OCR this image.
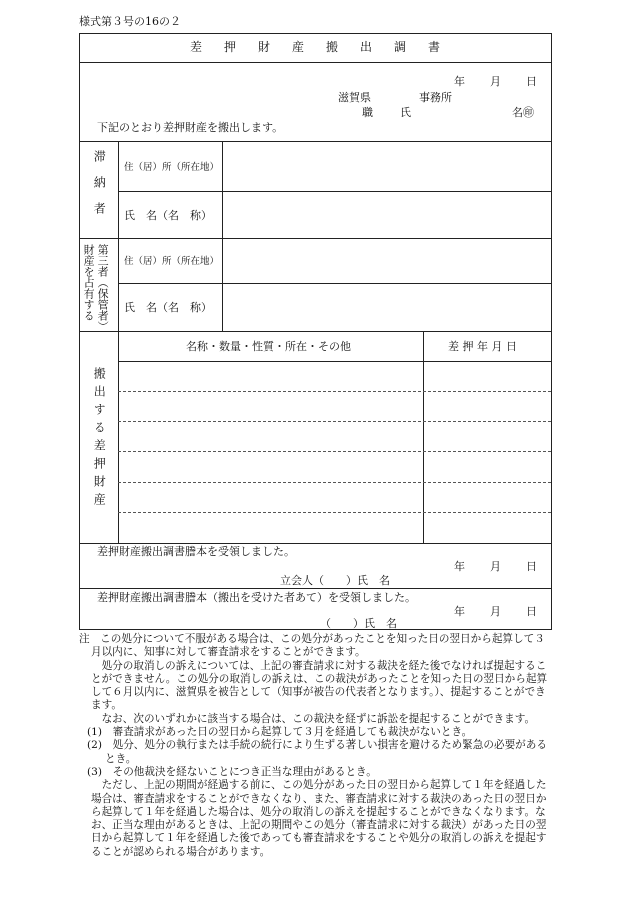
様式第３号の16の２
差押財産搬出調書
年 月 日
滋賀県	事務所
職 氏	名㊞
下記のとおり差押財産を搬出します。
滞納者 住（居）所（所在地）
氏　名（名　称）
財産を占有する 第三者（保管者） 住（居）所（所在地）
氏　名（名　称）
搬出する差押財産
名称・数量・性質・所在・その他	差 押 年 月 日
差押財産搬出調書謄本を受領しました。
年 月 日
立会人（　　）氏　名
差押財産搬出調書謄本（搬出を受けた者あて）を受領しました。
年 月 日
（　　）氏　名

注　この処分について不服がある場合は、この処分があったことを知った日の翌日から起算して３月以内に、知事に対して審査請求をすることができます。

　処分の取消しの訴えについては、上記の審査請求に対する裁決を経た後でなければ提起することができません。この処分の取消しの訴えは、この裁決があったことを知った日の翌日から起算して６月以内に、滋賀県を被告として（知事が被告の代表者となります。）、提起することができます。

　なお、次のいずれかに該当する場合は、この裁決を経ずに訴訟を提起することができます。

(1)　審査請求があった日の翌日から起算して３月を経過しても裁決がないとき。

(2)　処分、処分の執行または手続の続行により生ずる著しい損害を避けるため緊急の必要があるとき。

(3)　その他裁決を経ないことにつき正当な理由があるとき。

　ただし、上記の期間が経過する前に、この処分があった日の翌日から起算して１年を経過した場合は、審査請求をすることができなくなり、また、審査請求に対する裁決のあった日の翌日から起算して１年を経過した場合は、処分の取消しの訴えを提起することができなくなります。なお、正当な理由があるときは、上記の期間やこの処分（審査請求に対する裁決）があった日の翌日から起算して１年を経過した後であっても審査請求をすることや処分の取消しの訴えを提起することが認められる場合があります。
